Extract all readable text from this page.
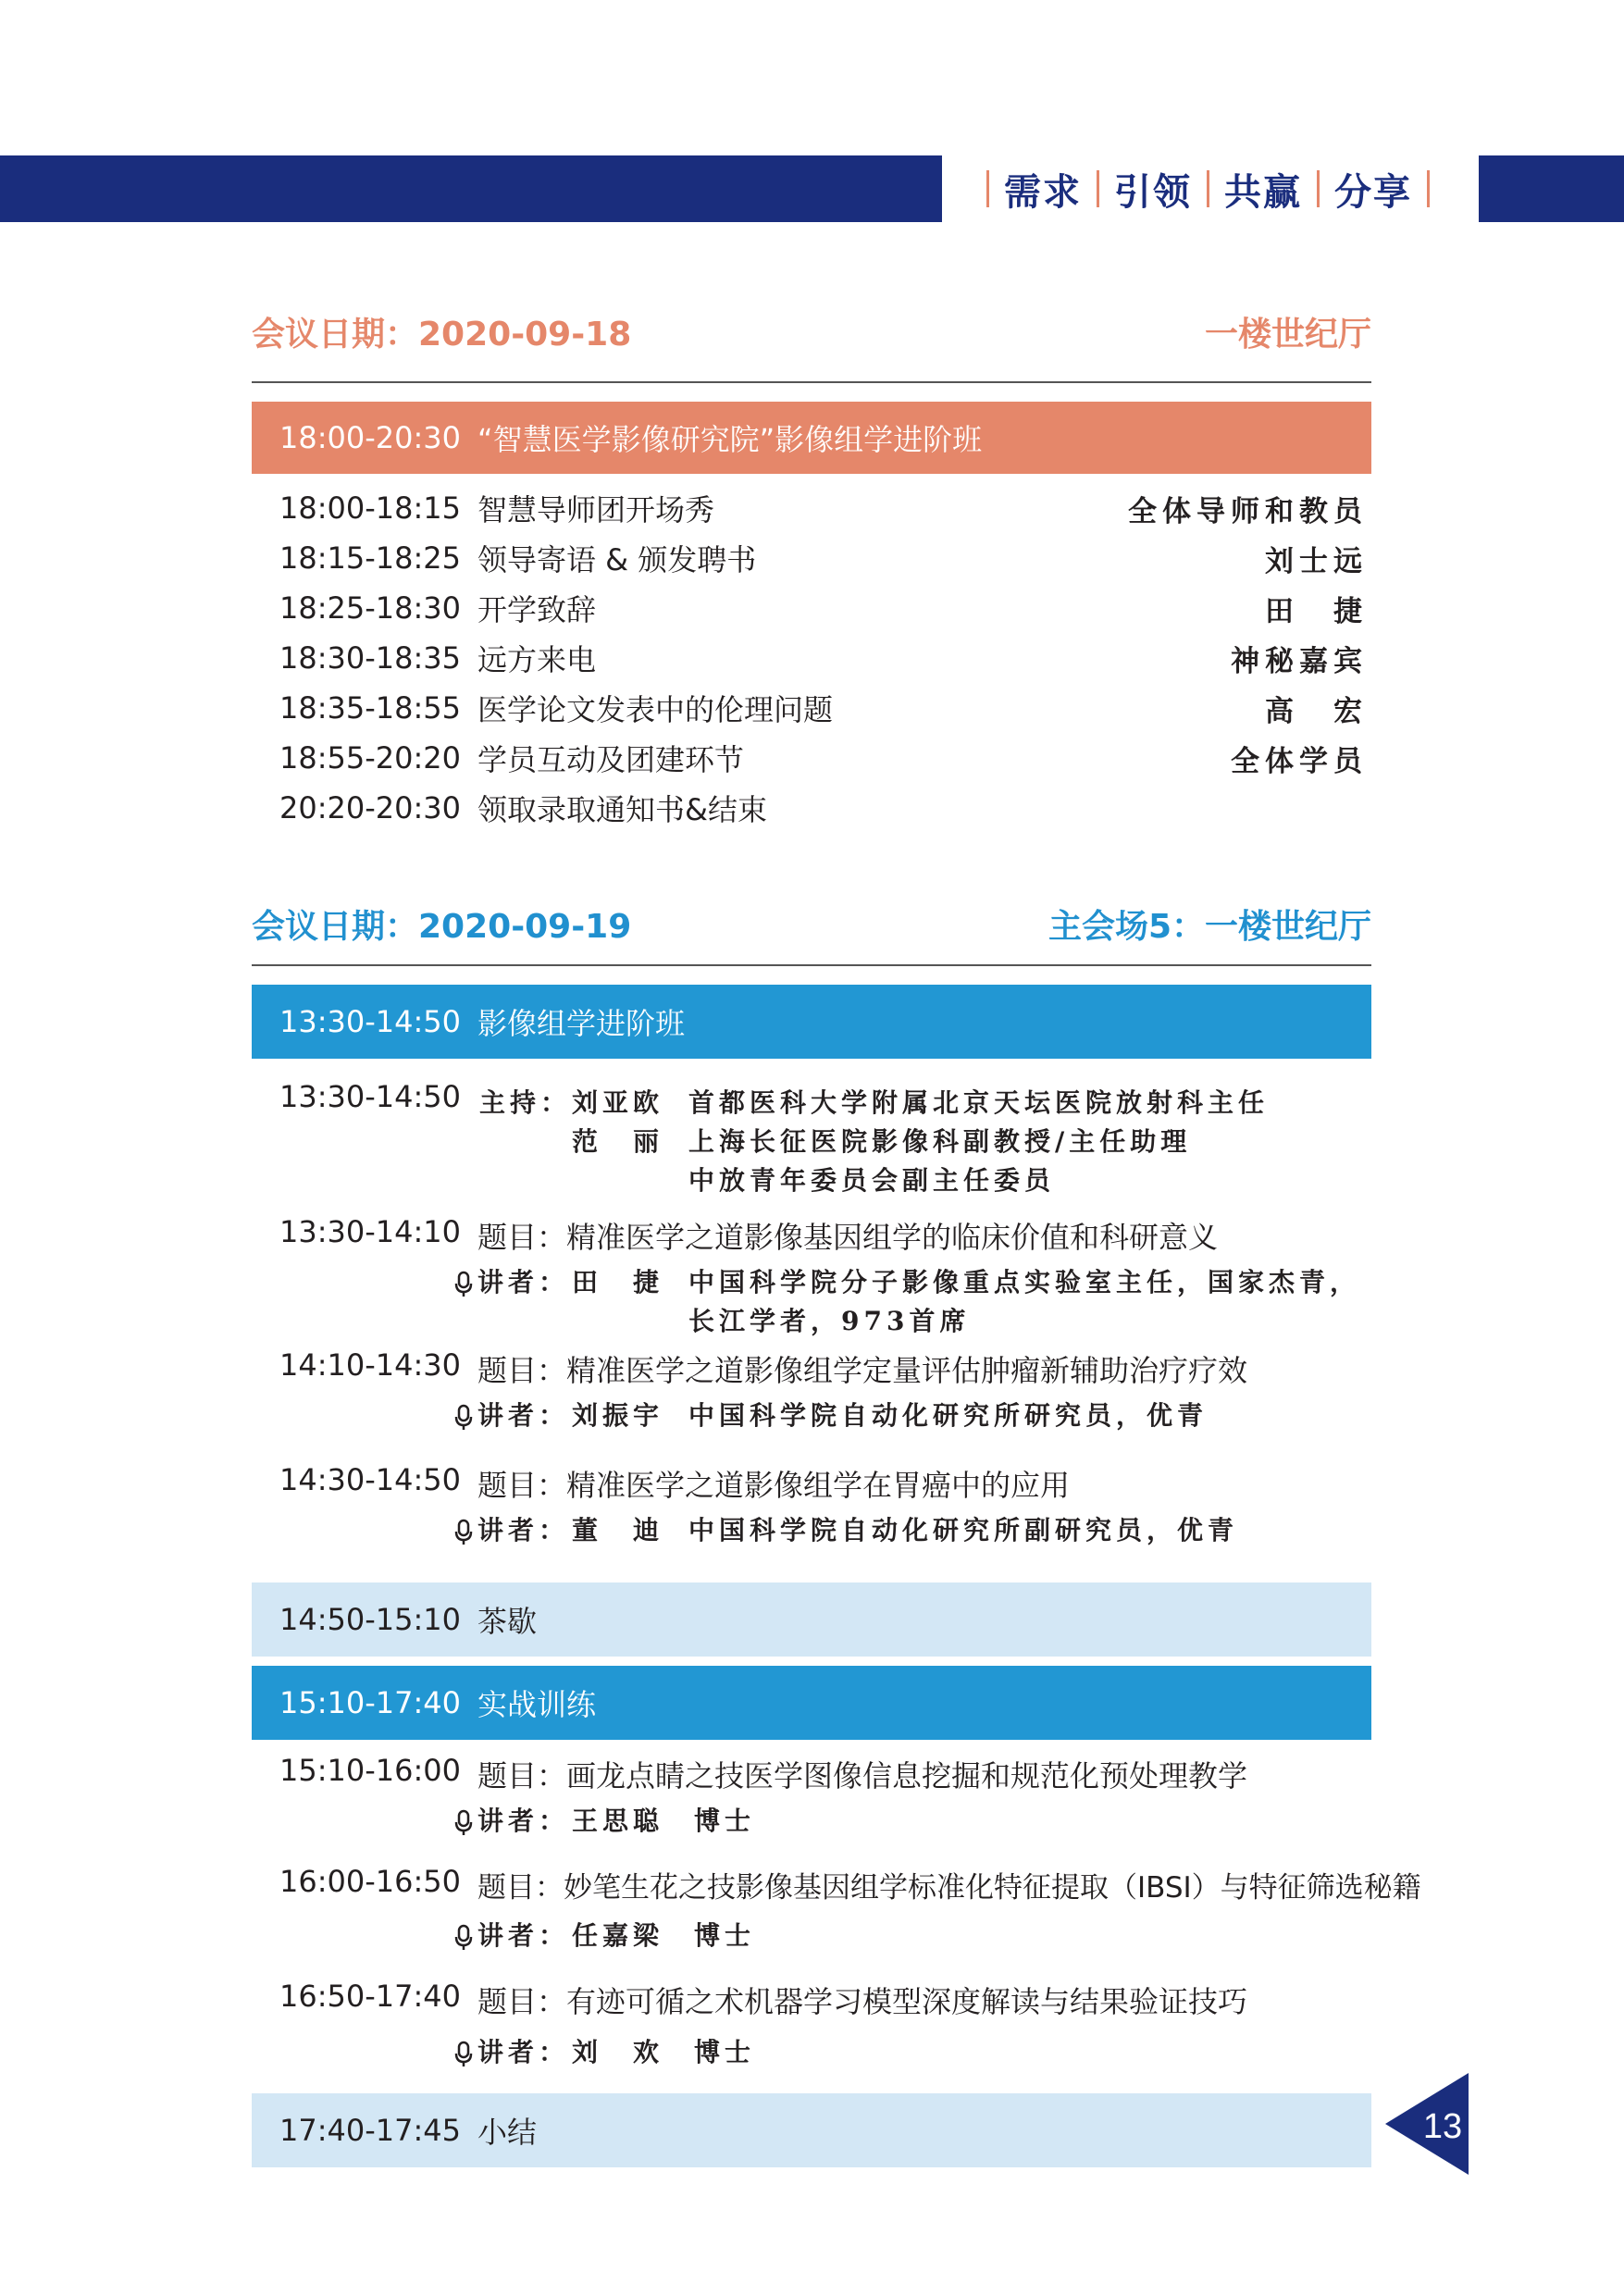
需求 引领 共赢 分享
会议日期：2020-09-18	一楼世纪厅
18:00-20:30 “智慧医学影像研究院”影像组学进阶班
18:00-18:15 智慧导师团开场秀	全体导师和教员
18:15-18:25 领导寄语 & 颁发聘书	刘士远
18:25-18:30 开学致辞	田　捷
18:30-18:35 远方来电	神秘嘉宾
18:35-18:55 医学论文发表中的伦理问题	高　宏
18:55-20:20 学员互动及团建环节	全体学员
20:20-20:30 领取录取通知书&结束
会议日期：2020-09-19	主会场5：一楼世纪厅
13:30-14:50 影像组学进阶班
13:30-14:50 主持： 刘亚欧 首都医科大学附属北京天坛医院放射科主任
范　丽 上海长征医院影像科副教授/主任助理
中放青年委员会副主任委员
13:30-14:10 题目：精准医学之道影像基因组学的临床价值和科研意义
讲者： 田　捷 中国科学院分子影像重点实验室主任，国家杰青，
长江学者，973首席
14:10-14:30 题目：精准医学之道影像组学定量评估肿瘤新辅助治疗疗效
讲者： 刘振宇 中国科学院自动化研究所研究员，优青
14:30-14:50 题目：精准医学之道影像组学在胃癌中的应用
讲者： 董　迪 中国科学院自动化研究所副研究员，优青
14:50-15:10 茶歇
15:10-17:40 实战训练
15:10-16:00 题目：画龙点睛之技医学图像信息挖掘和规范化预处理教学
讲者： 王思聪　博士
16:00-16:50 题目：妙笔生花之技影像基因组学标准化特征提取（IBSI）与特征筛选秘籍
讲者： 任嘉梁　博士
16:50-17:40 题目：有迹可循之术机器学习模型深度解读与结果验证技巧
讲者： 刘　欢　博士
17:40-17:45 小结	13
